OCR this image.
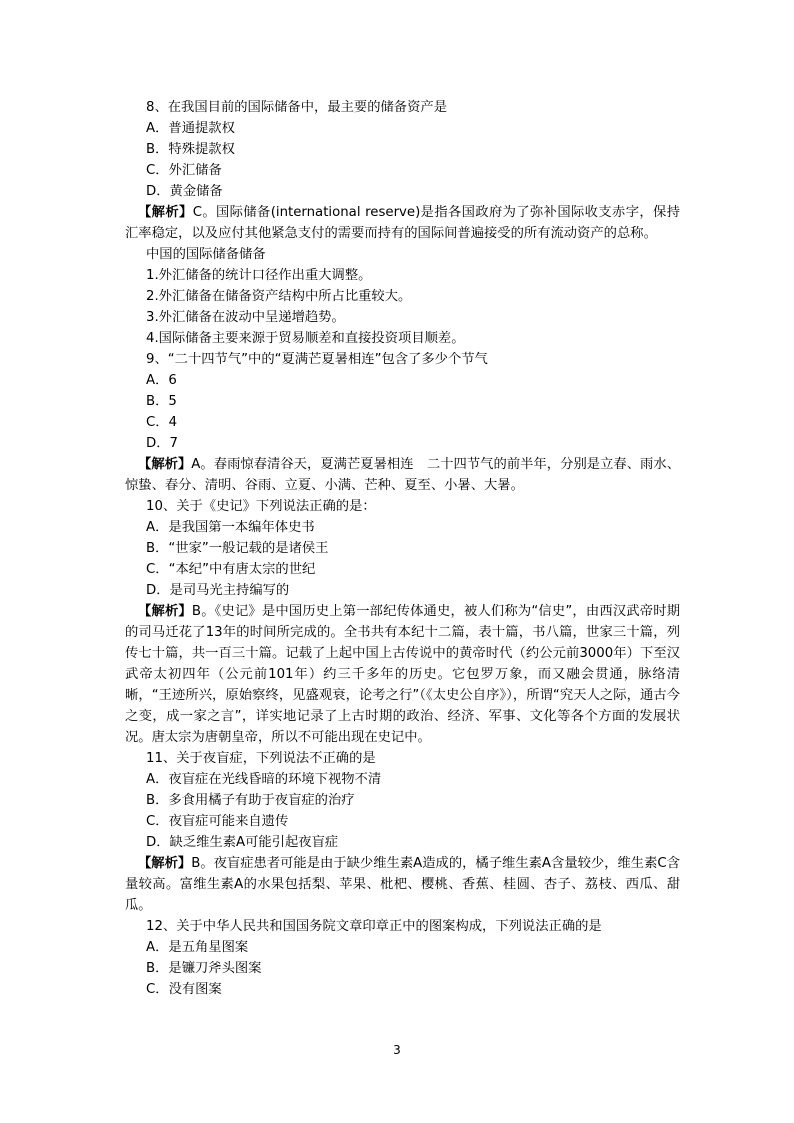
8、在我国目前的国际储备中，最主要的储备资产是
A．普通提款权
B．特殊提款权
C．外汇储备
D．黄金储备
【解析】C。国际储备(international reserve)是指各国政府为了弥补国际收支赤字，保持汇率稳定，以及应付其他紧急支付的需要而持有的国际间普遍接受的所有流动资产的总称。
中国的国际储备储备
1.外汇储备的统计口径作出重大调整。
2.外汇储备在储备资产结构中所占比重较大。
3.外汇储备在波动中呈递增趋势。
4.国际储备主要来源于贸易顺差和直接投资项目顺差。
9、“二十四节气”中的“夏满芒夏暑相连”包含了多少个节气
A．6
B．5
C．4
D．7
【解析】A。春雨惊春清谷天，夏满芒夏暑相连　二十四节气的前半年，分别是立春、雨水、惊蛰、春分、清明、谷雨、立夏、小满、芒种、夏至、小暑、大暑。
10、关于《史记》下列说法正确的是：
A．是我国第一本编年体史书
B．“世家”一般记载的是诸侯王
C．“本纪”中有唐太宗的世纪
D．是司马光主持编写的
【解析】B。《史记》是中国历史上第一部纪传体通史，被人们称为“信史”，由西汉武帝时期的司马迁花了13年的时间所完成的。全书共有本纪十二篇，表十篇，书八篇，世家三十篇，列传七十篇，共一百三十篇。记载了上起中国上古传说中的黄帝时代（约公元前3000年）下至汉武帝太初四年（公元前101年）约三千多年的历史。它包罗万象，而又融会贯通，脉络清晰，“王迹所兴，原始察终，见盛观衰，论考之行”（《太史公自序》），所谓“究天人之际，通古今之变，成一家之言”，详实地记录了上古时期的政治、经济、军事、文化等各个方面的发展状况。唐太宗为唐朝皇帝，所以不可能出现在史记中。
11、关于夜盲症，下列说法不正确的是
A．夜盲症在光线昏暗的环境下视物不清
B．多食用橘子有助于夜盲症的治疗
C．夜盲症可能来自遗传
D．缺乏维生素A可能引起夜盲症
【解析】B。夜盲症患者可能是由于缺少维生素A造成的，橘子维生素A含量较少，维生素C含量较高。富维生素A的水果包括梨、苹果、枇杷、樱桃、香蕉、桂圆、杏子、荔枝、西瓜、甜瓜。
12、关于中华人民共和国国务院文章印章正中的图案构成，下列说法正确的是
A．是五角星图案
B．是镰刀斧头图案
C．没有图案
3
